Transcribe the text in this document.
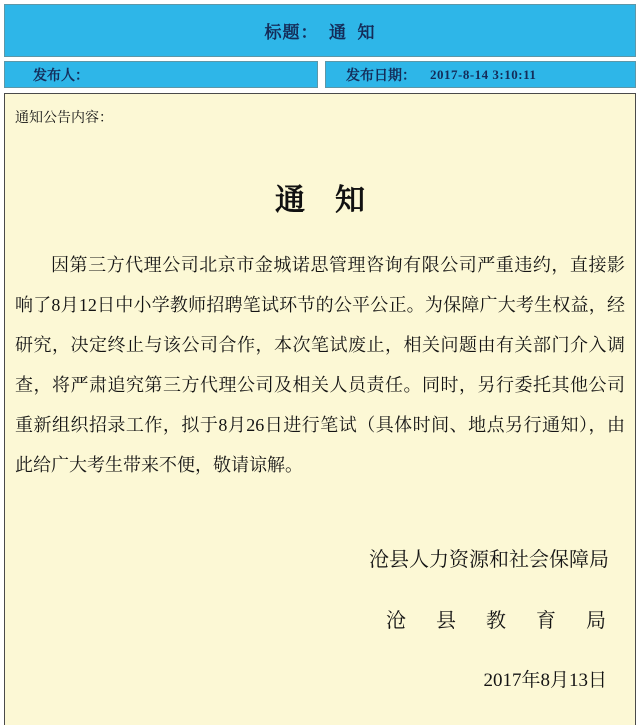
标题：  通  知
发布人：	发布日期： 2017-8-14 3:10:11
通知公告内容：
通　知
因第三方代理公司北京市金城诺思管理咨询有限公司严重违约，直接影
响了8月12日中小学教师招聘笔试环节的公平公正。为保障广大考生权益，经
研究，决定终止与该公司合作，本次笔试废止，相关问题由有关部门介入调
查，将严肃追究第三方代理公司及相关人员责任。同时，另行委托其他公司
重新组织招录工作，拟于8月26日进行笔试（具体时间、地点另行通知），由
此给广大考生带来不便，敬请谅解。
沧县人力资源和社会保障局
沧　县　教　育　局
2017年8月13日
